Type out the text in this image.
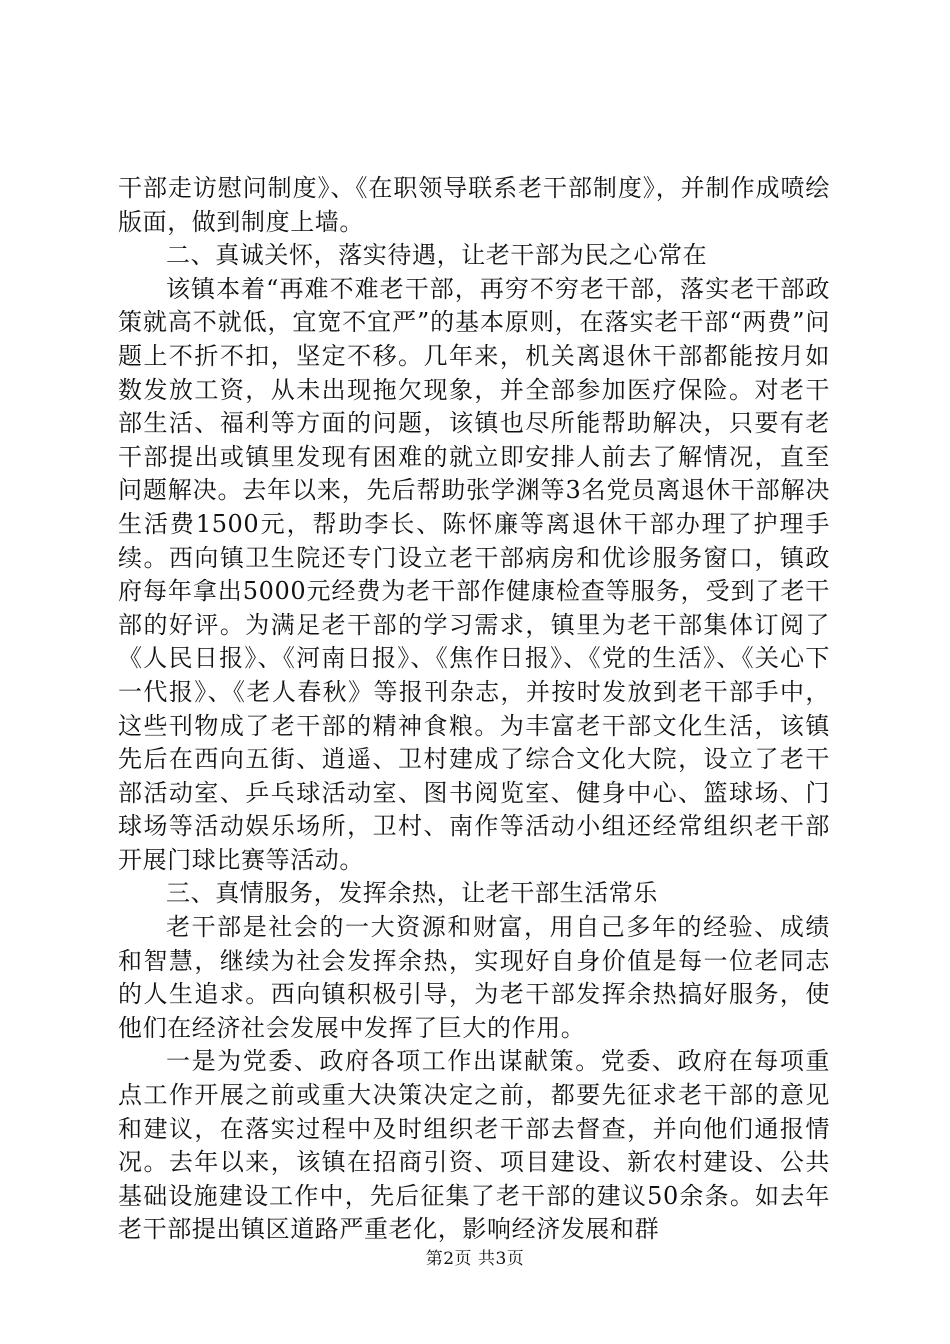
干部走访慰问制度》、《在职领导联系老干部制度》，并制作成喷绘版面，做到制度上墙。

二、真诚关怀，落实待遇，让老干部为民之心常在

该镇本着“再难不难老干部，再穷不穷老干部，落实老干部政策就高不就低，宜宽不宜严”的基本原则，在落实老干部“两费”问题上不折不扣，坚定不移。几年来，机关离退休干部都能按月如数发放工资，从未出现拖欠现象，并全部参加医疗保险。对老干部生活、福利等方面的问题，该镇也尽所能帮助解决，只要有老干部提出或镇里发现有困难的就立即安排人前去了解情况，直至问题解决。去年以来，先后帮助张学渊等3名党员离退休干部解决生活费1500元，帮助李长、陈怀廉等离退休干部办理了护理手续。西向镇卫生院还专门设立老干部病房和优诊服务窗口，镇政府每年拿出5000元经费为老干部作健康检查等服务，受到了老干部的好评。为满足老干部的学习需求，镇里为老干部集体订阅了《人民日报》、《河南日报》、《焦作日报》、《党的生活》、《关心下一代报》、《老人春秋》等报刊杂志，并按时发放到老干部手中，这些刊物成了老干部的精神食粮。为丰富老干部文化生活，该镇先后在西向五街、逍遥、卫村建成了综合文化大院，设立了老干部活动室、乒乓球活动室、图书阅览室、健身中心、篮球场、门球场等活动娱乐场所，卫村、南作等活动小组还经常组织老干部开展门球比赛等活动。

三、真情服务，发挥余热，让老干部生活常乐

老干部是社会的一大资源和财富，用自己多年的经验、成绩和智慧，继续为社会发挥余热，实现好自身价值是每一位老同志的人生追求。西向镇积极引导，为老干部发挥余热搞好服务，使他们在经济社会发展中发挥了巨大的作用。

一是为党委、政府各项工作出谋献策。党委、政府在每项重点工作开展之前或重大决策决定之前，都要先征求老干部的意见和建议，在落实过程中及时组织老干部去督查，并向他们通报情况。去年以来，该镇在招商引资、项目建设、新农村建设、公共基础设施建设工作中，先后征集了老干部的建议50余条。如去年老干部提出镇区道路严重老化，影响经济发展和群

第2页 共3页
